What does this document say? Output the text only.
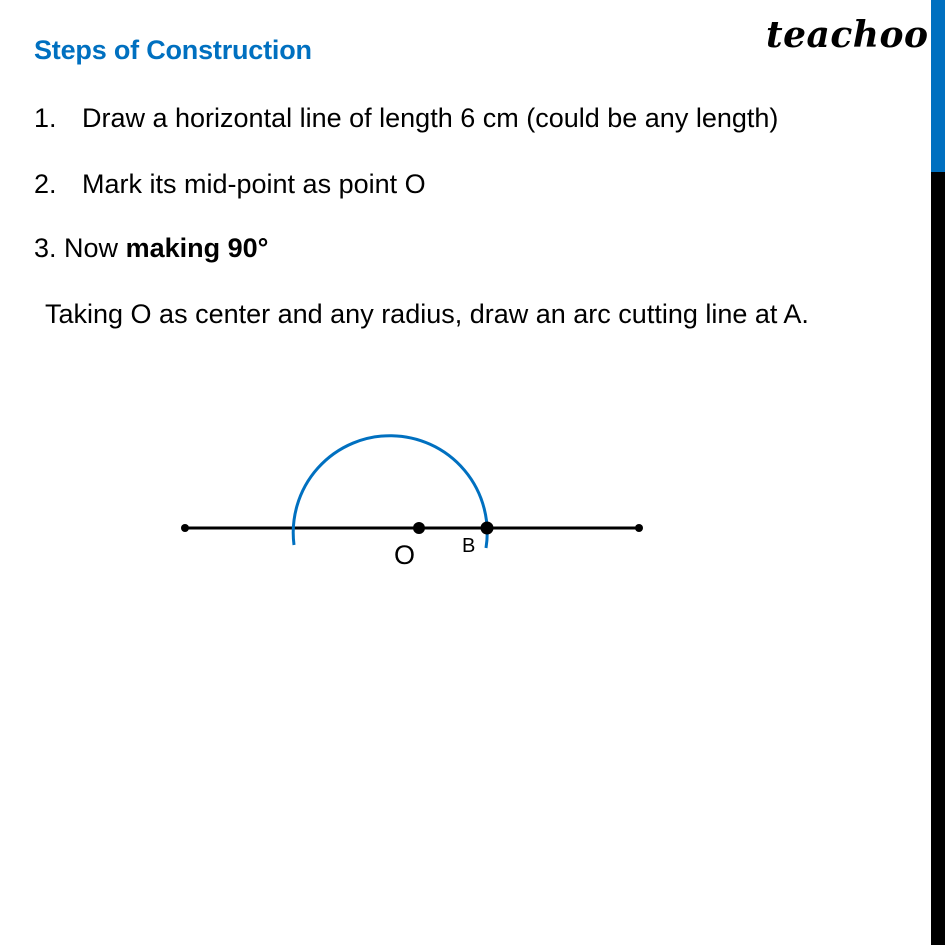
teachoo
Steps of Construction
1. Draw a horizontal line of length 6 cm (could be any length)
2. Mark its mid-point as point O
3. Now making 90°
Taking O as center and any radius, draw an arc cutting line at A.
O B
